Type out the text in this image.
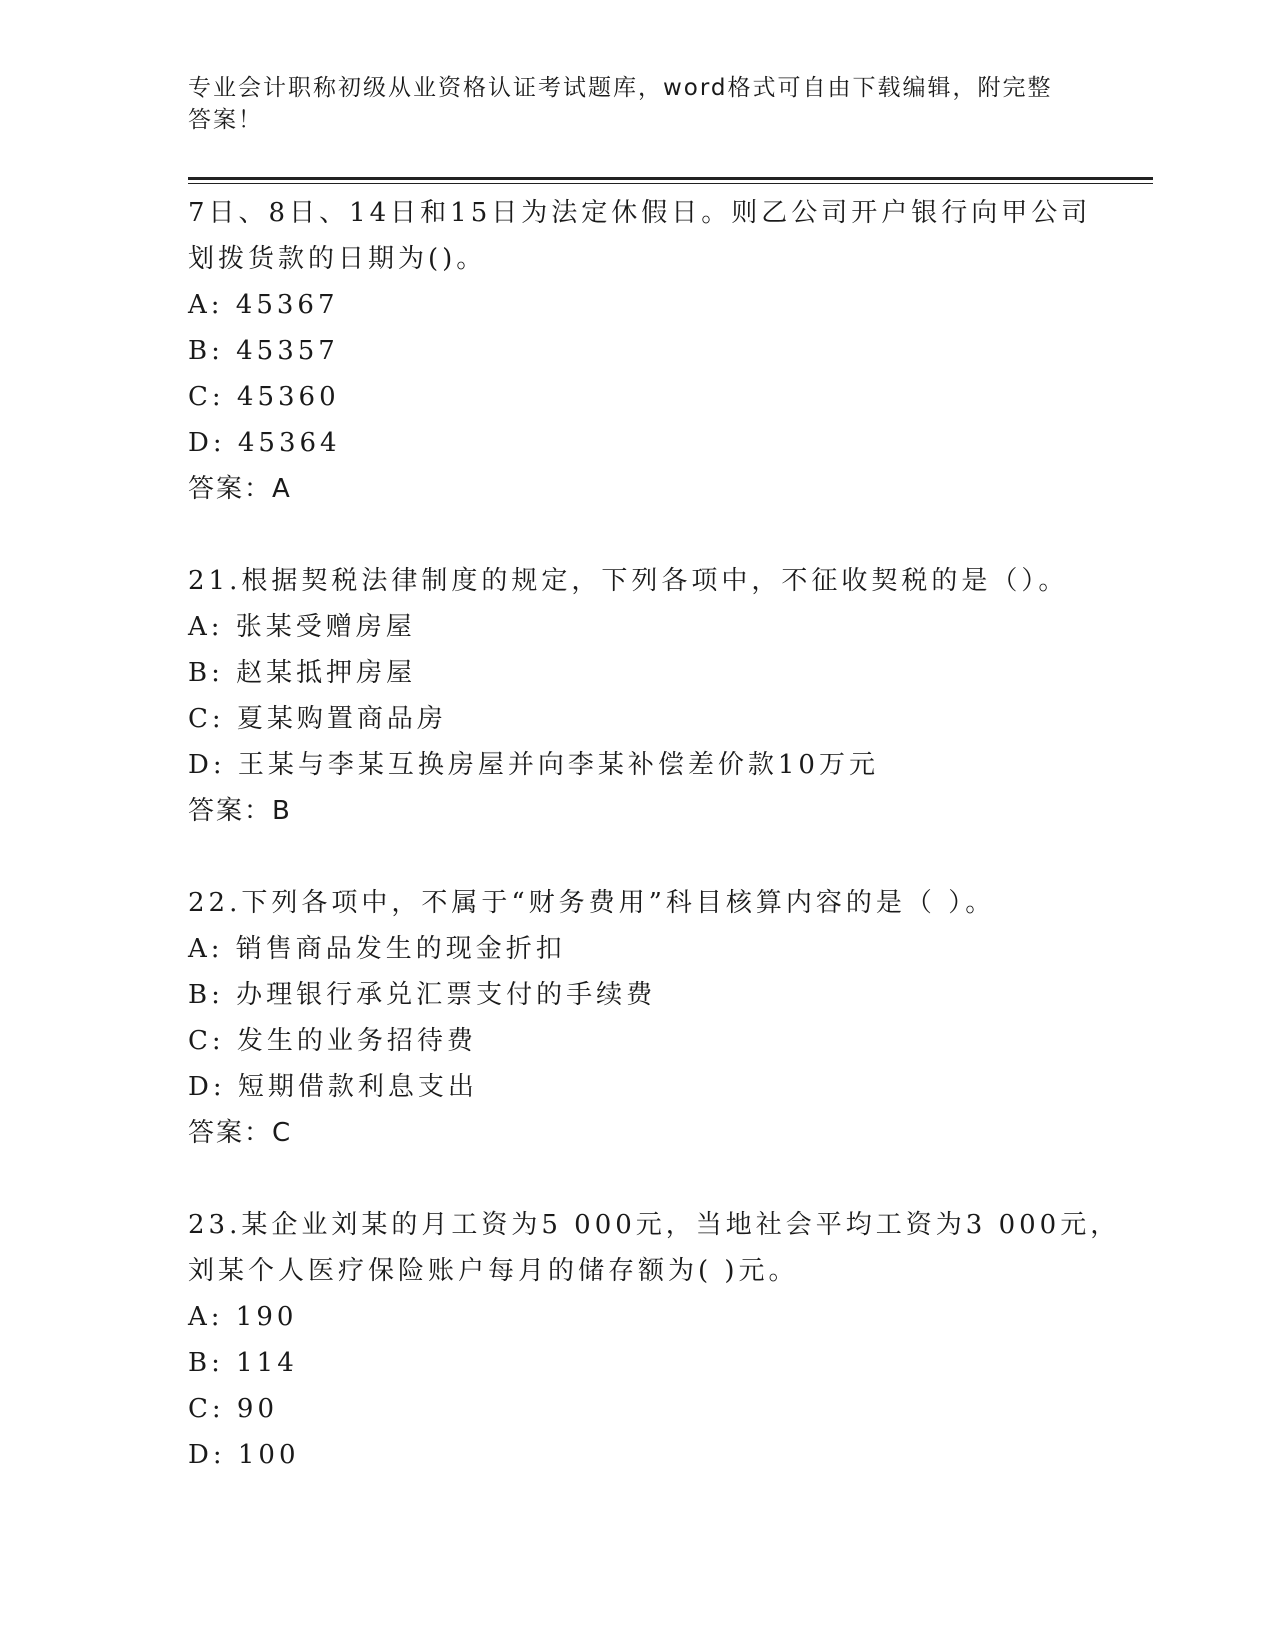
专业会计职称初级从业资格认证考试题库，word格式可自由下载编辑，附完整答案！
7日、8日、14日和15日为法定休假日。则乙公司开户银行向甲公司
划拨货款的日期为()。
A: 45367
B: 45357
C: 45360
D: 45364
答案：A
21.根据契税法律制度的规定，下列各项中，不征收契税的是（）。
A: 张某受赠房屋
B: 赵某抵押房屋
C: 夏某购置商品房
D: 王某与李某互换房屋并向李某补偿差价款10万元
答案：B
22.下列各项中，不属于“财务费用”科目核算内容的是（ ）。
A: 销售商品发生的现金折扣
B: 办理银行承兑汇票支付的手续费
C: 发生的业务招待费
D: 短期借款利息支出
答案：C
23.某企业刘某的月工资为5 000元，当地社会平均工资为3 000元，
刘某个人医疗保险账户每月的储存额为( )元。
A: 190
B: 114
C: 90
D: 100
